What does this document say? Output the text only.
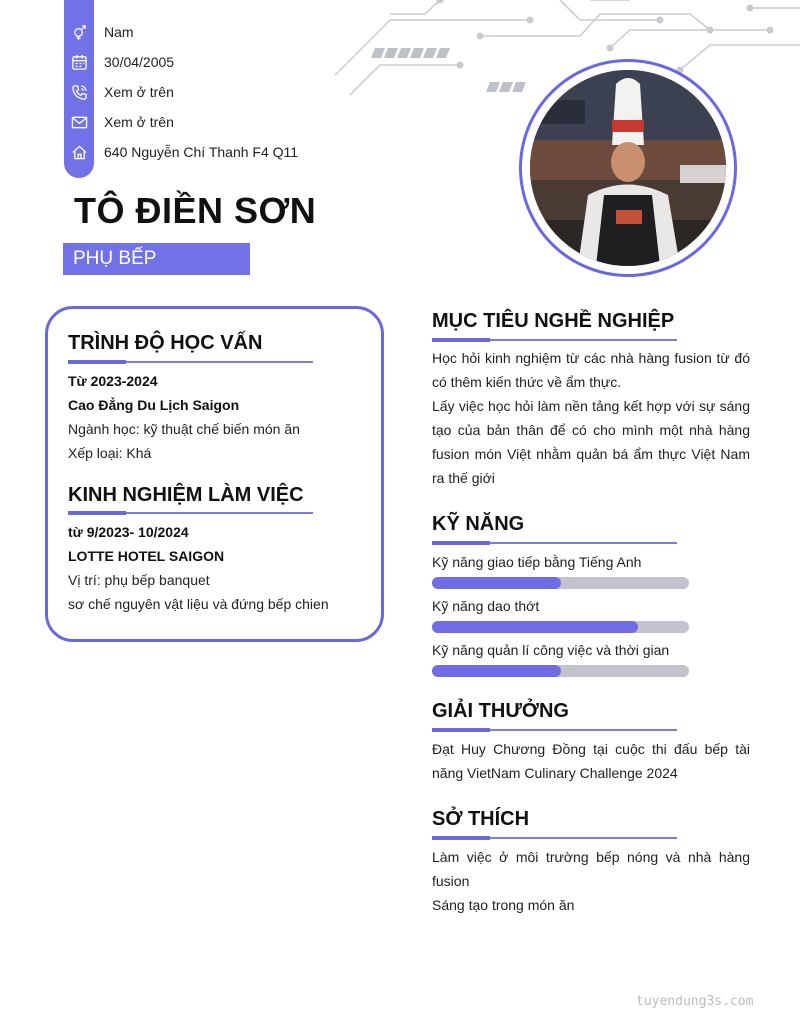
Nam
30/04/2005
Xem ở trên
Xem ở trên
640 Nguyễn Chí Thanh F4 Q11
TÔ ĐIỀN SƠN
PHỤ BẾP
TRÌNH ĐỘ HỌC VẤN
Từ 2023-2024
Cao Đẳng Du Lịch Saigon
Ngành học: kỹ thuật chế biến món ăn
Xếp loại: Khá
KINH NGHIỆM LÀM VIỆC
từ 9/2023- 10/2024
LOTTE HOTEL SAIGON
Vị trí: phụ bếp banquet
sơ chế nguyên vật liệu và đứng bếp chien
MỤC TIÊU NGHỀ NGHIỆP
Học hỏi kinh nghiệm từ các nhà hàng fusion từ đó có thêm kiến thức về ẩm thực.
Lấy việc học hỏi làm nền tảng kết hợp với sự sáng tạo của bản thân để có cho mình một nhà hàng fusion món Việt nhằm quản bá ẩm thực Việt Nam ra thế giới
KỸ NĂNG
Kỹ năng giao tiếp bằng Tiếng Anh
Kỹ năng dao thớt
Kỹ năng quản lí công việc và thời gian
GIẢI THƯỞNG
Đạt Huy Chương Đồng tại cuộc thi đấu bếp tài năng VietNam Culinary Challenge 2024
SỞ THÍCH
Làm việc ở môi trường bếp nóng và nhà hàng fusion
Sáng tạo trong món ăn
tuyendung3s.com
